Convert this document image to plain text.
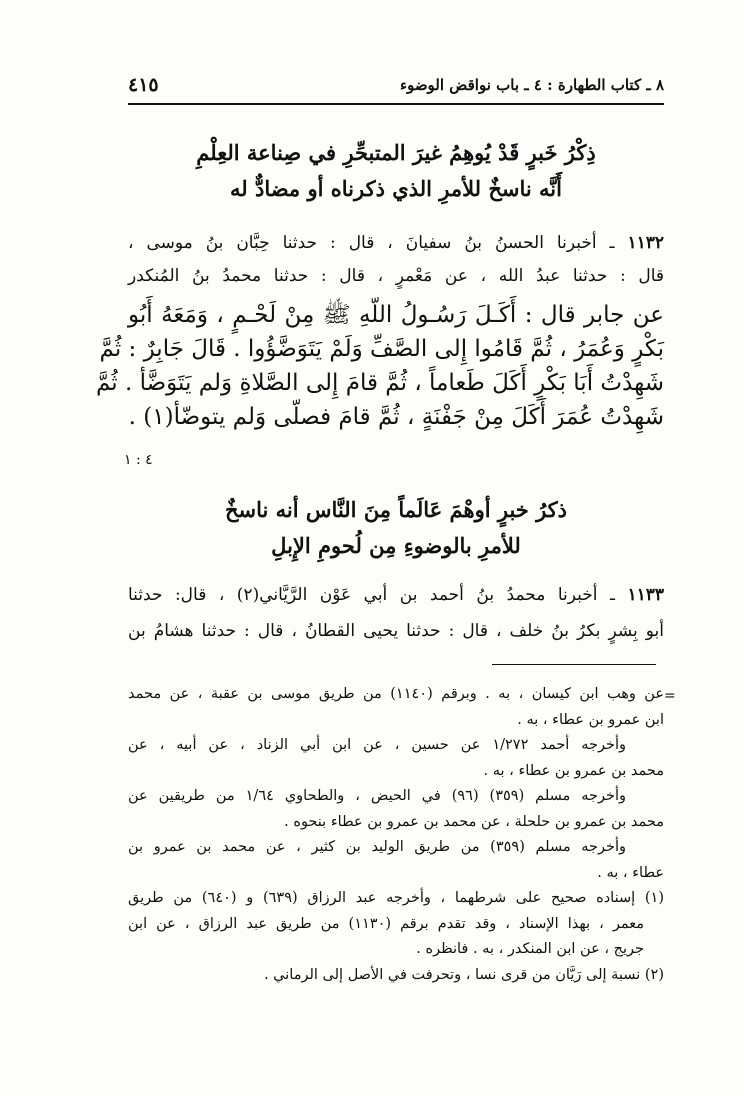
٨ ـ كتاب الطهارة : ٤ ـ باب نواقض الوضوء
٤١٥
ذِكْرُ خَبرٍ قَدْ يُوهِمُ غيرَ المتبحِّرِ في صِناعة العِلْمِ
أَنَّه ناسخٌ للأمرِ الذي ذكرناه أو مضادٌّ له
١١٣٢ ـ أخبرنا الحسنُ بنُ سفيانَ ، قال : حدثنا حِبَّان بنُ موسى ،
قال : حدثنا عبدُ الله ، عن مَعْمرٍ ، قال : حدثنا محمدُ بنُ المُنكدر
عن جابر قال : أَكَـلَ رَسُـولُ اللّهِ ﷺ مِنْ لَحْـمٍ ، وَمَعَهُ أَبُو
بَكْرٍ وَعُمَرُ ، ثُمَّ قَامُوا إِلى الصَّفِّ وَلَمْ يَتَوَضَّؤُوا . قَالَ جَابِرٌ : ثُمَّ
شَهِدْتُ أَبَا بَكْرٍ أَكَلَ طَعاماً ، ثُمَّ قامَ إِلى الصَّلاةِ وَلم يَتَوَضَّأ . ثُمَّ
شَهِدْتُ عُمَرَ أَكَلَ مِنْ جَفْنَةٍ ، ثُمَّ قامَ فصلّى وَلم يتوضّأ(١) .
٤ : ١
ذكرُ خبرٍ أوهْمَ عَالَماً مِنَ النَّاس أنه ناسخٌ
للأمرِ بالوضوءِ مِن لُحومِ الإِبلِ
١١٣٣ ـ أخبرنا محمدُ بنُ أحمد بن أبي عَوْن الرَّيَّاني(٢) ، قال: حدثنا
أبو بِشرٍ بكرُ بنُ خلف ، قال : حدثنا يحيى القطانُ ، قال : حدثنا هشامُ بن
=
عن وهب ابن كيسان ، به . وبرقم (١١٤٠) من طريق موسى بن عقبة ، عن محمد
ابن عمرو بن عطاء ، به .
وأخرجه أحمد ١/٢٧٢ عن حسين ، عن ابن أبي الزناد ، عن أبيه ، عن
محمد بن عمرو بن عطاء ، به .
وأخرجه مسلم (٣٥٩) (٩٦) في الحيض ، والطحاوي ١/٦٤ من طريقين عن
محمد بن عمرو بن حلحلة ، عن محمد بن عمرو بن عطاء بنحوه .
وأخرجه مسلم (٣٥٩) من طريق الوليد بن كثير ، عن محمد بن عمرو بن
عطاء ، به .
(١) إسناده صحيح على شرطهما ، وأخرجه عبد الرزاق (٦٣٩) و (٦٤٠) من طريق
معمر ، بهذا الإسناد ، وقد تقدم برقم (١١٣٠) من طريق عبد الرزاق ، عن ابن
جريج ، عن ابن المنكدر ، به . فانظره .
(٢) نسبة إلى رَيَّان من قرى نسا ، وتحرفت في الأصل إلى الرماني .
